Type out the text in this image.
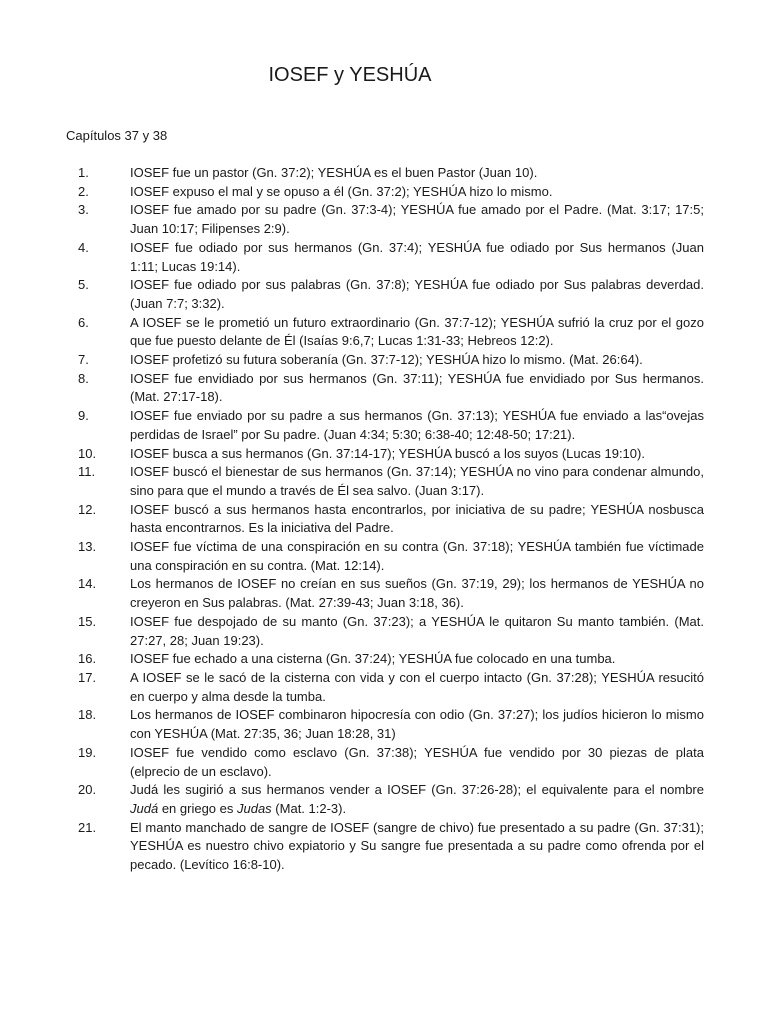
IOSEF y YESHÚA

Capítulos 37 y 38

1.	IOSEF fue un pastor (Gn. 37:2); YESHÚA es el buen Pastor (Juan 10).
2.	IOSEF expuso el mal y se opuso a él (Gn. 37:2); YESHÚA hizo lo mismo.
3.	IOSEF fue amado por su padre (Gn. 37:3-4); YESHÚA fue amado por el Padre. (Mat. 3:17; 17:5; Juan 10:17; Filipenses 2:9).
4.	IOSEF fue odiado por sus hermanos (Gn. 37:4); YESHÚA fue odiado por Sus hermanos (Juan 1:11; Lucas 19:14).
5.	IOSEF fue odiado por sus palabras (Gn. 37:8); YESHÚA fue odiado por Sus palabras deverdad. (Juan 7:7; 3:32).
6.	A IOSEF se le prometió un futuro extraordinario (Gn. 37:7-12); YESHÚA sufrió la cruz por el gozo que fue puesto delante de Él (Isaías 9:6,7; Lucas 1:31-33; Hebreos 12:2).
7.	IOSEF profetizó su futura soberanía (Gn. 37:7-12); YESHÚA hizo lo mismo. (Mat. 26:64).
8.	IOSEF fue envidiado por sus hermanos (Gn. 37:11); YESHÚA fue envidiado por Sus hermanos. (Mat. 27:17-18).
9.	IOSEF fue enviado por su padre a sus hermanos (Gn. 37:13); YESHÚA fue enviado a las“ovejas perdidas de Israel” por Su padre. (Juan 4:34; 5:30; 6:38-40; 12:48-50; 17:21).
10.	IOSEF busca a sus hermanos (Gn. 37:14-17); YESHÚA buscó a los suyos (Lucas 19:10).
11.	IOSEF buscó el bienestar de sus hermanos (Gn. 37:14); YESHÚA no vino para condenar almundo, sino para que el mundo a través de Él sea salvo. (Juan 3:17).
12.	IOSEF buscó a sus hermanos hasta encontrarlos, por iniciativa de su padre; YESHÚA nosbusca hasta encontrarnos. Es la iniciativa del Padre.
13.	IOSEF fue víctima de una conspiración en su contra (Gn. 37:18); YESHÚA también fue víctimade una conspiración en su contra. (Mat. 12:14).
14.	Los hermanos de IOSEF no creían en sus sueños (Gn. 37:19, 29); los hermanos de YESHÚA no creyeron en Sus palabras. (Mat. 27:39-43; Juan 3:18, 36).
15.	IOSEF fue despojado de su manto (Gn. 37:23); a YESHÚA le quitaron Su manto también. (Mat. 27:27, 28; Juan 19:23).
16.	IOSEF fue echado a una cisterna (Gn. 37:24); YESHÚA fue colocado en una tumba.
17.	A IOSEF se le sacó de la cisterna con vida y con el cuerpo intacto (Gn. 37:28); YESHÚA resucitó en cuerpo y alma desde la tumba.
18.	Los hermanos de IOSEF combinaron hipocresía con odio (Gn. 37:27); los judíos hicieron lo mismo con YESHÚA (Mat. 27:35, 36; Juan 18:28, 31)
19.	IOSEF fue vendido como esclavo (Gn. 37:38); YESHÚA fue vendido por 30 piezas de plata (elprecio de un esclavo).
20.	Judá les sugirió a sus hermanos vender a IOSEF (Gn. 37:26-28); el equivalente para el nombre Judá en griego es Judas (Mat. 1:2-3).
21.	El manto manchado de sangre de IOSEF (sangre de chivo) fue presentado a su padre (Gn. 37:31); YESHÚA es nuestro chivo expiatorio y Su sangre fue presentada a su padre como ofrenda por el pecado. (Levítico 16:8-10).
